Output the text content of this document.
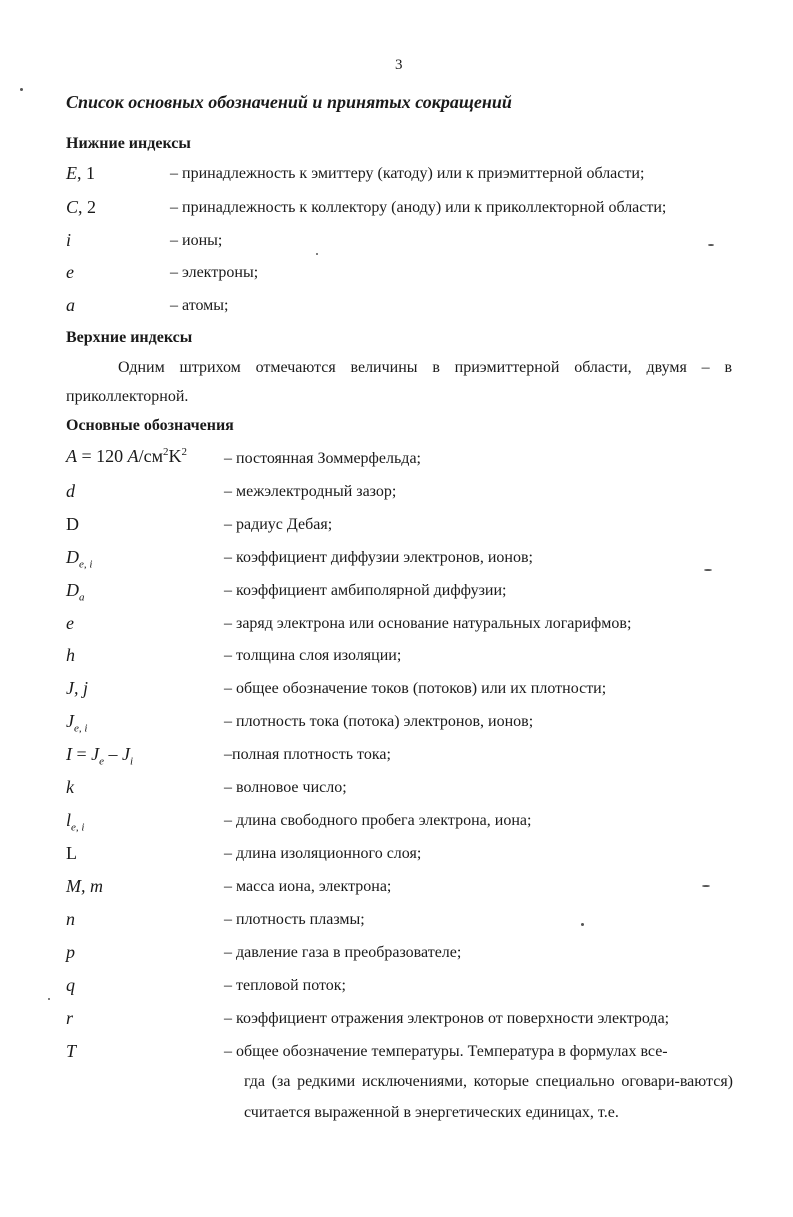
3
Список основных обозначений и принятых сокращений
Нижние индексы
E, 1	– принадлежность к эмиттеру (катоду) или к приэмиттерной области;
C, 2	– принадлежность к коллектору (аноду) или к приколлекторной области;
i	– ионы;
e	– электроны;
a	– атомы;
Верхние индексы
Одним штрихом отмечаются величины в приэмиттерной области, двумя – в приколлекторной.
Основные обозначения
A = 120 $A/см^2K^2$ – постоянная Зоммерфельда;
d	– межэлектродный зазор;
D	– радиус Дебая;
$D_{e, i}$	– коэффициент диффузии электронов, ионов;
$D_a$	– коэффициент амбиполярной диффузии;
e	– заряд электрона или основание натуральных логарифмов;
h	– толщина слоя изоляции;
J, j	– общее обозначение токов (потоков) или их плотности;
$J_{e, i}$	– плотность тока (потока) электронов, ионов;
$I = J_e - J_i$	–полная плотность тока;
k	– волновое число;
$l_{e, i}$	– длина свободного пробега электрона, иона;
L	– длина изоляционного слоя;
M, m	– масса иона, электрона;
n	– плотность плазмы;
p	– давление газа в преобразователе;
q	– тепловой поток;
r	– коэффициент отражения электронов от поверхности электрода;
T	– общее обозначение температуры. Температура в формулах все-
гда (за редкими исключениями, которые специально оговари-ваются) считается выраженной в энергетических единицах, т.е.
